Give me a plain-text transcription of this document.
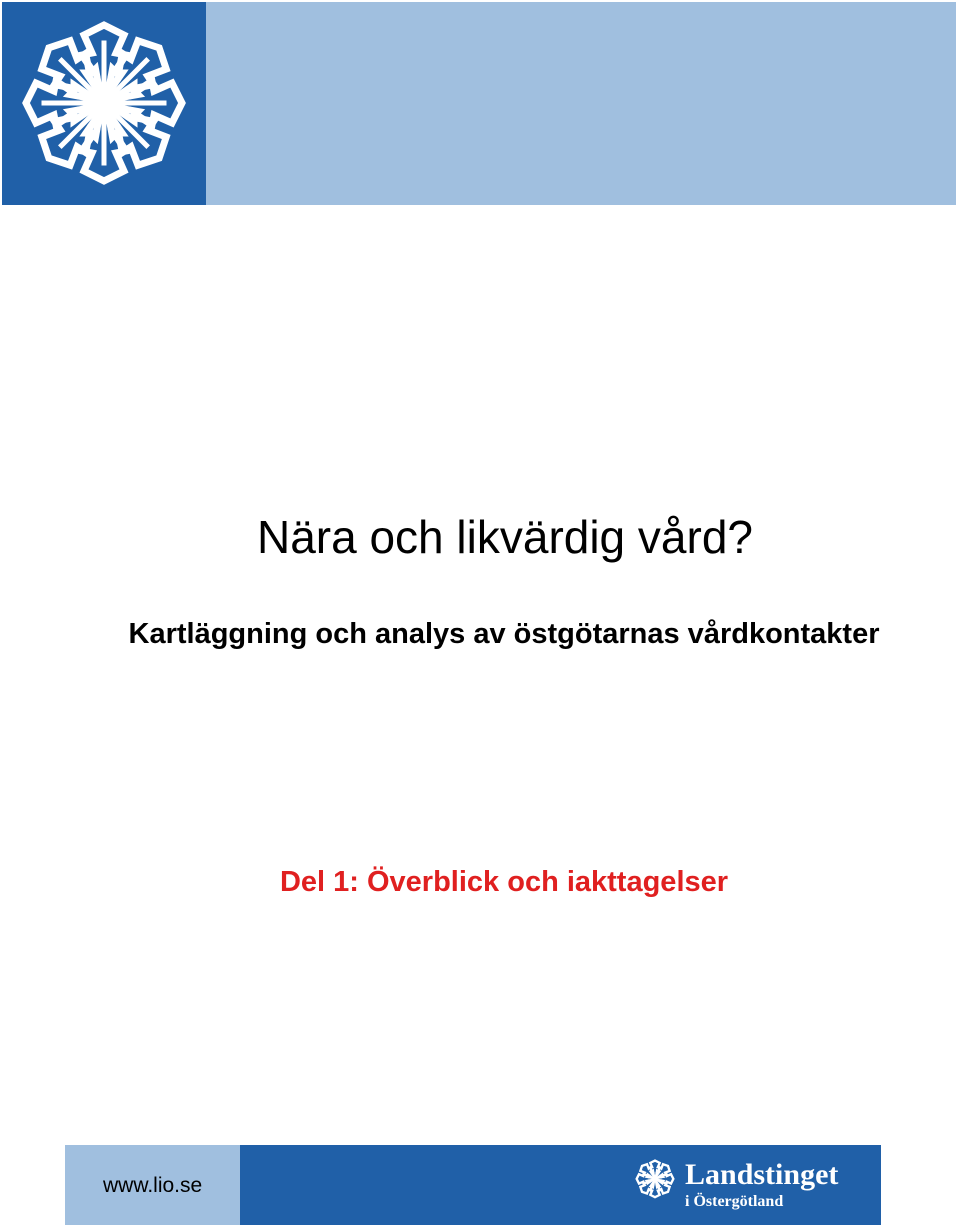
Nära och likvärdig vård?
Kartläggning och analys av östgötarnas vårdkontakter
Del 1: Överblick och iakttagelser
www.lio.se	Landstinget
i Östergötland
